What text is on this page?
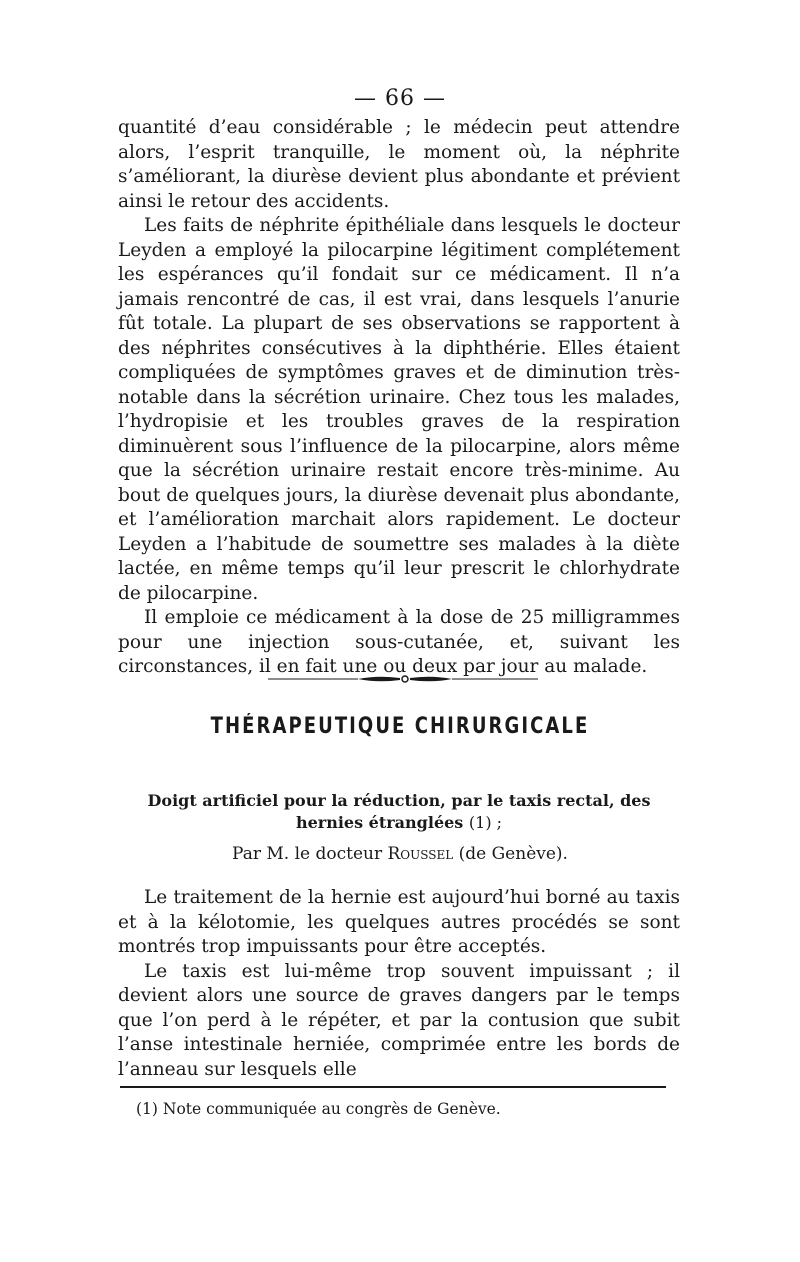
— 66 —

quantité d’eau considérable ; le médecin peut attendre alors, l’esprit tranquille, le moment où, la néphrite s’améliorant, la diurèse devient plus abondante et prévient ainsi le retour des accidents.

Les faits de néphrite épithéliale dans lesquels le docteur Leyden a employé la pilocarpine légitiment complétement les espérances qu’il fondait sur ce médicament. Il n’a jamais rencontré de cas, il est vrai, dans lesquels l’anurie fût totale. La plupart de ses observations se rapportent à des néphrites consécutives à la diphthérie. Elles étaient compliquées de symptômes graves et de diminution très-notable dans la sécrétion urinaire. Chez tous les malades, l’hydropisie et les troubles graves de la respiration diminuèrent sous l’influence de la pilocarpine, alors même que la sécrétion urinaire restait encore très-minime. Au bout de quelques jours, la diurèse devenait plus abondante, et l’amélioration marchait alors rapidement. Le docteur Leyden a l’habitude de soumettre ses malades à la diète lactée, en même temps qu’il leur prescrit le chlorhydrate de pilocarpine.

Il emploie ce médicament à la dose de 25 milligrammes pour une injection sous-cutanée, et, suivant les circonstances, il en fait une ou deux par jour au malade.

THÉRAPEUTIQUE CHIRURGICALE
Doigt artificiel pour la réduction, par le taxis rectal, des hernies étranglées (1) ;
Par M. le docteur Roussel (de Genève).

Le traitement de la hernie est aujourd’hui borné au taxis et à la kélotomie, les quelques autres procédés se sont montrés trop impuissants pour être acceptés.

Le taxis est lui-même trop souvent impuissant ; il devient alors une source de graves dangers par le temps que l’on perd à le répéter, et par la contusion que subit l’anse intestinale herniée, comprimée entre les bords de l’anneau sur lesquels elle

(1) Note communiquée au congrès de Genève.
